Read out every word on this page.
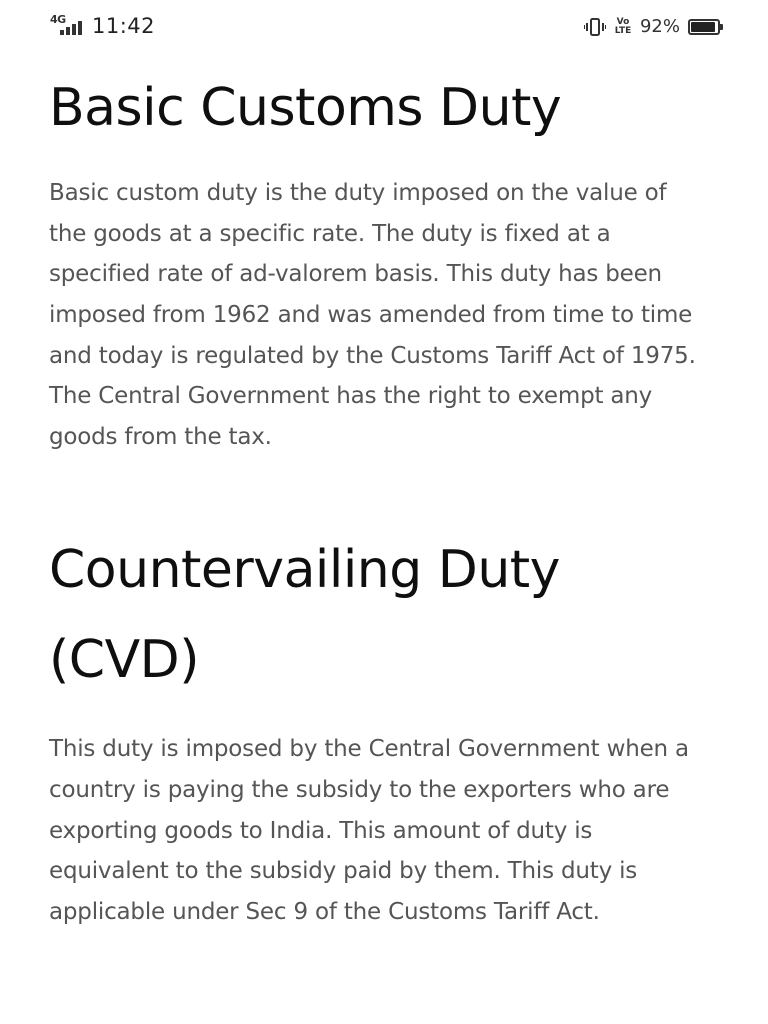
4G 11:42	Vo LTE 92%
Basic Customs Duty

Basic custom duty is the duty imposed on the value of the goods at a specific rate. The duty is fixed at a specified rate of ad-valorem basis. This duty has been imposed from 1962 and was amended from time to time and today is regulated by the Customs Tariff Act of 1975. The Central Government has the right to exempt any goods from the tax.

Countervailing Duty (CVD)

This duty is imposed by the Central Government when a country is paying the subsidy to the exporters who are exporting goods to India. This amount of duty is equivalent to the subsidy paid by them. This duty is applicable under Sec 9 of the Customs Tariff Act.
